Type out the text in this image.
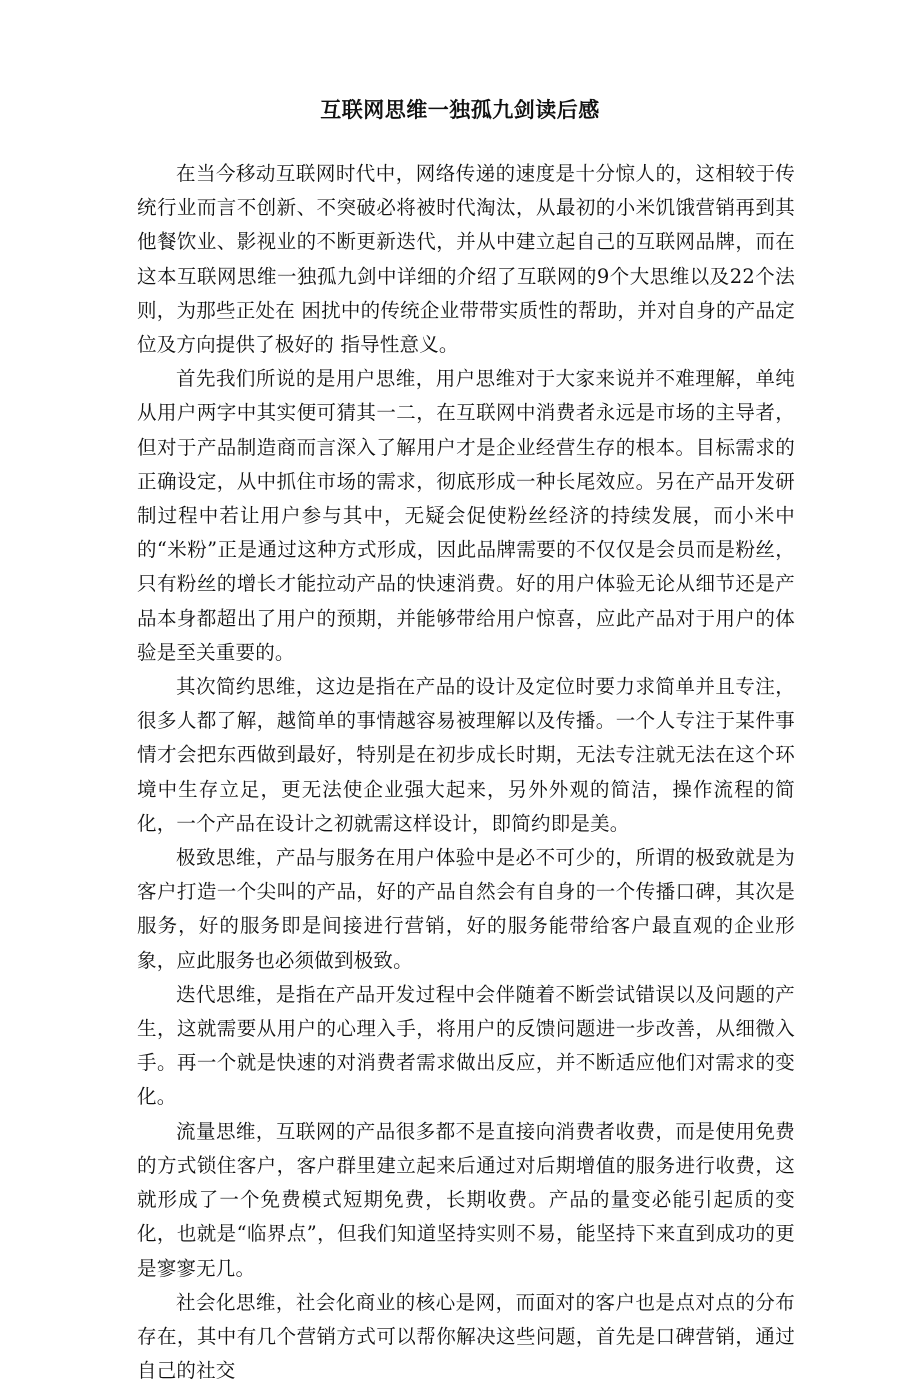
互联网思维一独孤九剑读后感

在当今移动互联网时代中，网络传递的速度是十分惊人的，这相较于传统行业而言不创新、不突破必将被时代淘汰，从最初的小米饥饿营销再到其他餐饮业、影视业的不断更新迭代，并从中建立起自己的互联网品牌，而在这本互联网思维一独孤九剑中详细的介绍了互联网的9个大思维以及22个法则，为那些正处在 困扰中的传统企业带带实质性的帮助，并对自身的产品定位及方向提供了极好的 指导性意义。

首先我们所说的是用户思维，用户思维对于大家来说并不难理解，单纯从用户两字中其实便可猜其一二，在互联网中消费者永远是市场的主导者，但对于产品制造商而言深入了解用户才是企业经营生存的根本。目标需求的正确设定，从中抓住市场的需求，彻底形成一种长尾效应。另在产品开发研制过程中若让用户参与其中，无疑会促使粉丝经济的持续发展，而小米中的“米粉”正是通过这种方式形成，因此品牌需要的不仅仅是会员而是粉丝，只有粉丝的增长才能拉动产品的快速消费。好的用户体验无论从细节还是产品本身都超出了用户的预期，并能够带给用户惊喜，应此产品对于用户的体验是至关重要的。

其次简约思维，这边是指在产品的设计及定位时要力求简单并且专注，很多人都了解，越简单的事情越容易被理解以及传播。一个人专注于某件事情才会把东西做到最好，特别是在初步成长时期，无法专注就无法在这个环境中生存立足，更无法使企业强大起来，另外外观的简洁，操作流程的简化，一个产品在设计之初就需这样设计，即简约即是美。

极致思维，产品与服务在用户体验中是必不可少的，所谓的极致就是为客户打造一个尖叫的产品，好的产品自然会有自身的一个传播口碑，其次是服务，好的服务即是间接进行营销，好的服务能带给客户最直观的企业形象，应此服务也必须做到极致。

迭代思维，是指在产品开发过程中会伴随着不断尝试错误以及问题的产生，这就需要从用户的心理入手，将用户的反馈问题进一步改善，从细微入手。再一个就是快速的对消费者需求做出反应，并不断适应他们对需求的变化。

流量思维，互联网的产品很多都不是直接向消费者收费，而是使用免费的方式锁住客户，客户群里建立起来后通过对后期增值的服务进行收费，这就形成了一个免费模式短期免费，长期收费。产品的量变必能引起质的变化，也就是“临界点”，但我们知道坚持实则不易，能坚持下来直到成功的更是寥寥无几。

社会化思维，社会化商业的核心是网，而面对的客户也是点对点的分布存在，其中有几个营销方式可以帮你解决这些问题，首先是口碑营销，通过自己的社交
